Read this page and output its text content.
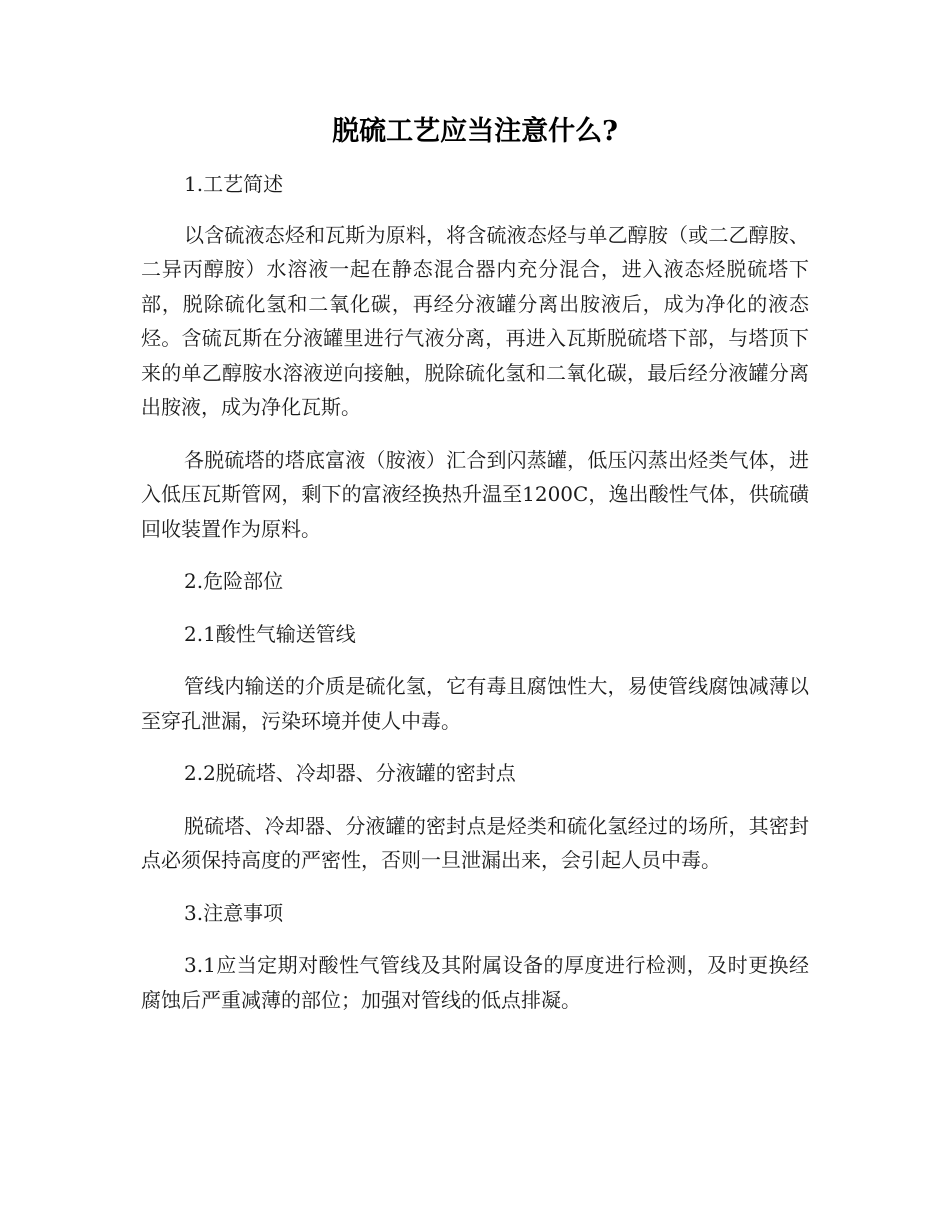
脱硫工艺应当注意什么?

1.工艺简述

以含硫液态烃和瓦斯为原料，将含硫液态烃与单乙醇胺（或二乙醇胺、二异丙醇胺）水溶液一起在静态混合器内充分混合，进入液态烃脱硫塔下部，脱除硫化氢和二氧化碳，再经分液罐分离出胺液后，成为净化的液态烃。含硫瓦斯在分液罐里进行气液分离，再进入瓦斯脱硫塔下部，与塔顶下来的单乙醇胺水溶液逆向接触，脱除硫化氢和二氧化碳，最后经分液罐分离出胺液，成为净化瓦斯。

各脱硫塔的塔底富液（胺液）汇合到闪蒸罐，低压闪蒸出烃类气体，进入低压瓦斯管网，剩下的富液经换热升温至1200C，逸出酸性气体，供硫磺回收装置作为原料。

2.危险部位

2.1酸性气输送管线

管线内输送的介质是硫化氢，它有毒且腐蚀性大，易使管线腐蚀减薄以至穿孔泄漏，污染环境并使人中毒。

2.2脱硫塔、冷却器、分液罐的密封点

脱硫塔、冷却器、分液罐的密封点是烃类和硫化氢经过的场所，其密封点必须保持高度的严密性，否则一旦泄漏出来，会引起人员中毒。

3.注意事项

3.1应当定期对酸性气管线及其附属设备的厚度进行检测，及时更换经腐蚀后严重减薄的部位；加强对管线的低点排凝。
